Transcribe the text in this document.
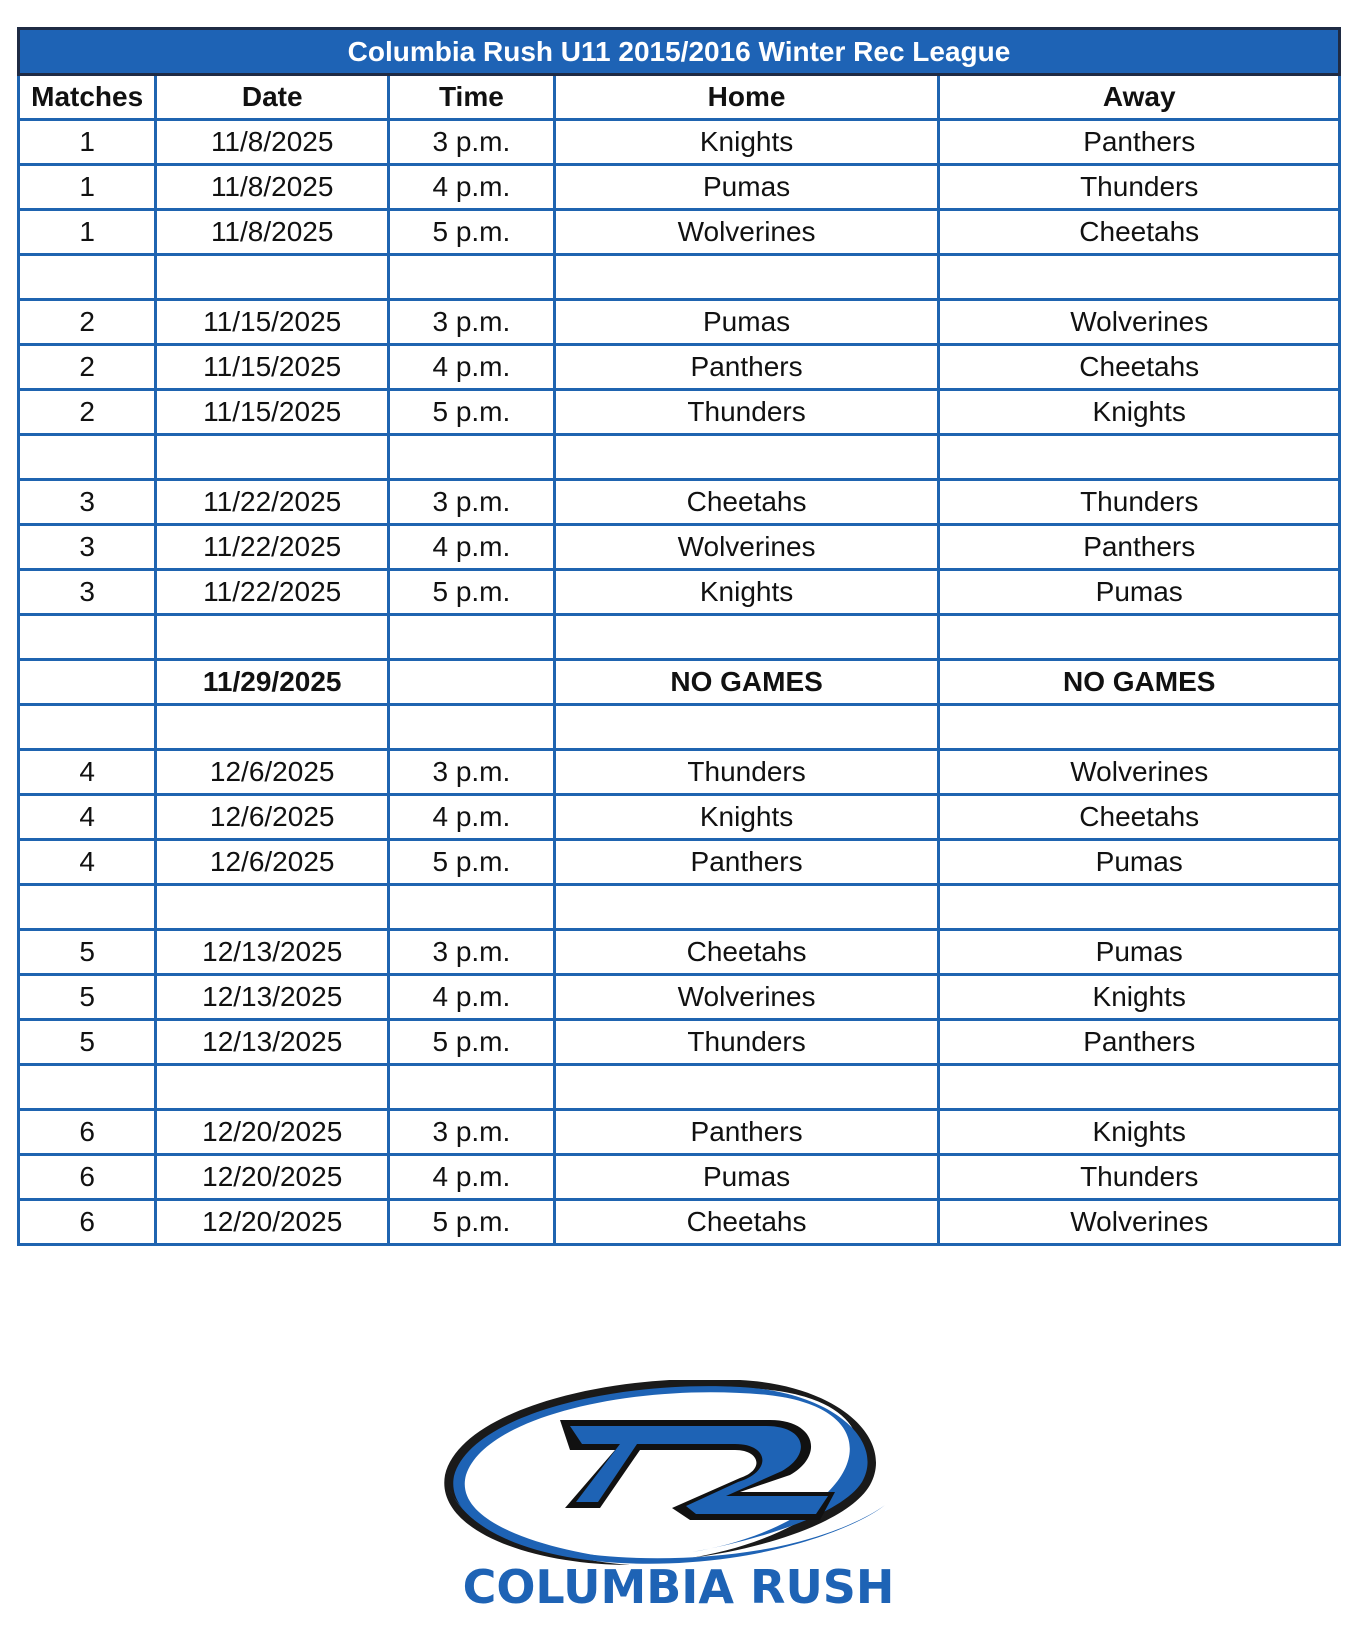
Columbia Rush U11 2015/2016 Winter Rec League				
Matches	Date	Time	Home	Away
1	11/8/2025	3 p.m.	Knights	Panthers
1	11/8/2025	4 p.m.	Pumas	Thunders
1	11/8/2025	5 p.m.	Wolverines	Cheetahs

2	11/15/2025	3 p.m.	Pumas	Wolverines
2	11/15/2025	4 p.m.	Panthers	Cheetahs
2	11/15/2025	5 p.m.	Thunders	Knights

3	11/22/2025	3 p.m.	Cheetahs	Thunders
3	11/22/2025	4 p.m.	Wolverines	Panthers
3	11/22/2025	5 p.m.	Knights	Pumas

	11/29/2025		NO GAMES	NO GAMES

4	12/6/2025	3 p.m.	Thunders	Wolverines
4	12/6/2025	4 p.m.	Knights	Cheetahs
4	12/6/2025	5 p.m.	Panthers	Pumas

5	12/13/2025	3 p.m.	Cheetahs	Pumas
5	12/13/2025	4 p.m.	Wolverines	Knights
5	12/13/2025	5 p.m.	Thunders	Panthers

6	12/20/2025	3 p.m.	Panthers	Knights
6	12/20/2025	4 p.m.	Pumas	Thunders
6	12/20/2025	5 p.m.	Cheetahs	Wolverines
COLUMBIA RUSH
